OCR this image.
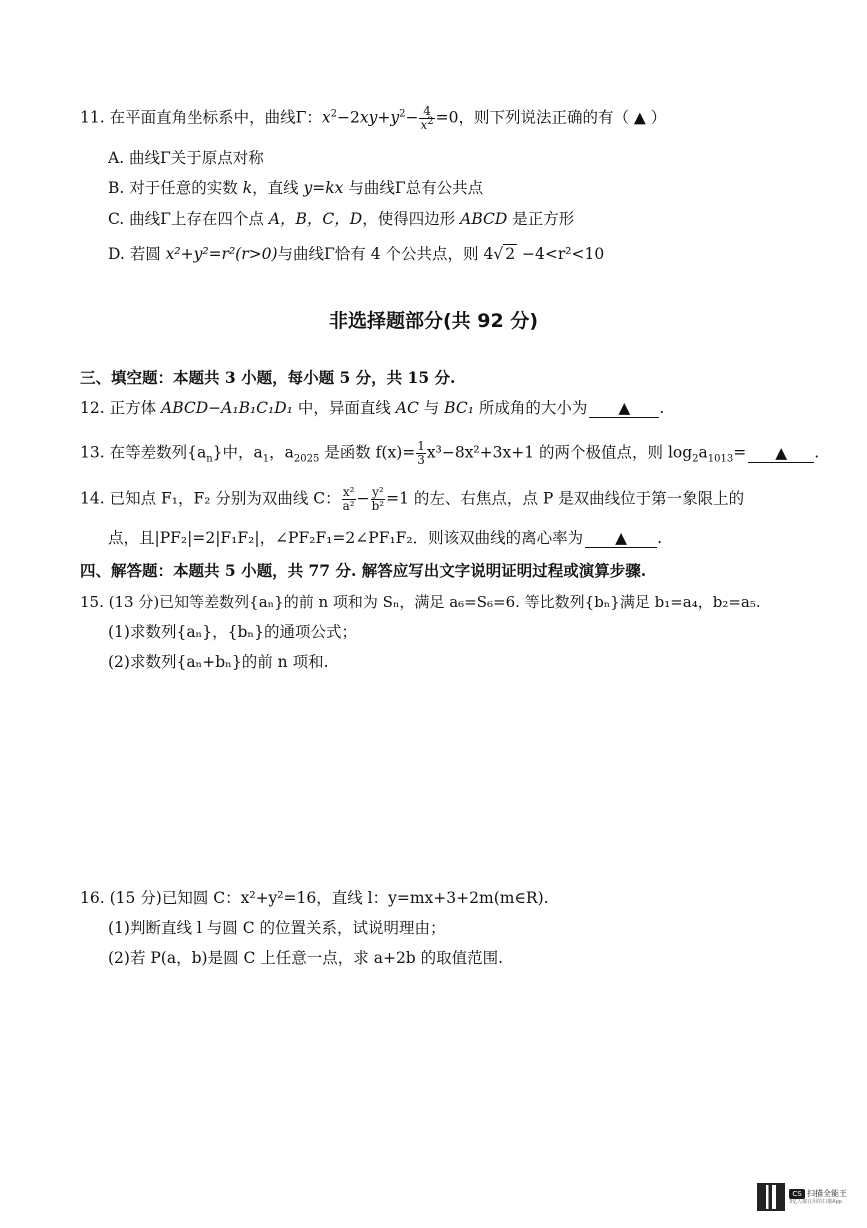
11. 在平面直角坐标系中，曲线Γ：$x^2-2xy+y^2- \frac{4}{x^2} =0$，则下列说法正确的有（ ▲ ）
A. 曲线Γ关于原点对称
B. 对于任意的实数 k，直线 y=kx 与曲线Γ总有公共点
C. 曲线Γ上存在四个点 A，B，C，D，使得四边形 ABCD 是正方形
D. 若圆 x²+y²=r²(r>0)与曲线Γ恰有 4 个公共点，则 4√ 2 −4<r²<10
非选择题部分(共 92 分)
三、填空题：本题共 3 小题，每小题 5 分，共 15 分.
12. 正方体 ABCD−A₁B₁C₁D₁ 中，异面直线 AC 与 BC₁ 所成角的大小为 ▲ .
13. 在等差数列$\{a_n\}$中，$a_1$，$a_{2025}$ 是函数 $f(x)= \frac{1}{3} x^3-8x^2+3x+1$ 的两个极值点，则 $\log_2a_{1013}=$ ▲ .
14. 已知点 F₁，F₂ 分别为双曲线 C： $\frac{\text{x²}}{\text{a²}} - \frac{\text{y²}}{\text{b²}} =1$ 的左、右焦点，点 P 是双曲线位于第一象限上的
点，且|PF₂|=2|F₁F₂|，∠PF₂F₁=2∠PF₁F₂．则该双曲线的离心率为 ▲ .
四、解答题：本题共 5 小题，共 77 分. 解答应写出文字说明证明过程或演算步骤.
15. (13 分)已知等差数列{aₙ}的前 n 项和为 Sₙ，满足 a₆=S₆=6. 等比数列{bₙ}满足 b₁=a₄，b₂=a₅.
(1)求数列{aₙ}，{bₙ}的通项公式；
(2)求数列{aₙ+bₙ}的前 n 项和.
16. (15 分)已知圆 C：x²+y²=16，直线 l：y=mx+3+2m(m∈R).
(1)判断直线 l 与圆 C 的位置关系，试说明理由；
(2)若 P(a，b)是圆 C 上任意一点，求 a+2b 的取值范围.
CS 扫描全能王
3亿人都在用的扫描App
